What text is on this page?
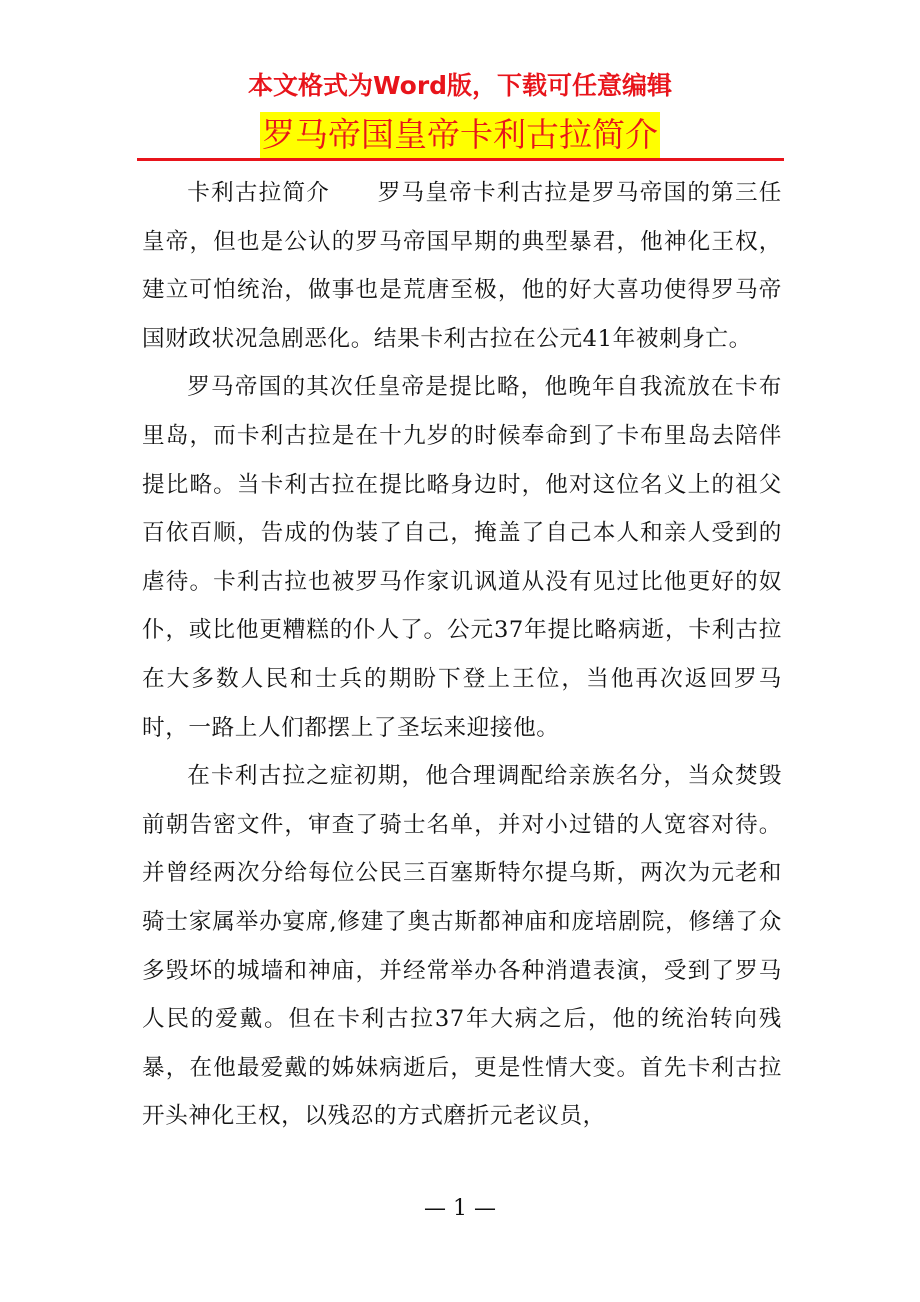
本文格式为Word版，下载可任意编辑
罗马帝国皇帝卡利古拉简介

卡利古拉简介　　罗马皇帝卡利古拉是罗马帝国的第三任皇帝，但也是公认的罗马帝国早期的典型暴君，他神化王权，建立可怕统治，做事也是荒唐至极，他的好大喜功使得罗马帝国财政状况急剧恶化。结果卡利古拉在公元41年被刺身亡。

罗马帝国的其次任皇帝是提比略，他晚年自我流放在卡布里岛，而卡利古拉是在十九岁的时候奉命到了卡布里岛去陪伴提比略。当卡利古拉在提比略身边时，他对这位名义上的祖父百依百顺，告成的伪装了自己，掩盖了自己本人和亲人受到的虐待。卡利古拉也被罗马作家讥讽道从没有见过比他更好的奴仆，或比他更糟糕的仆人了。公元37年提比略病逝，卡利古拉在大多数人民和士兵的期盼下登上王位，当他再次返回罗马时，一路上人们都摆上了圣坛来迎接他。

在卡利古拉之症初期，他合理调配给亲族名分，当众焚毁前朝告密文件，审查了骑士名单，并对小过错的人宽容对待。并曾经两次分给每位公民三百塞斯特尔提乌斯，两次为元老和骑士家属举办宴席,修建了奥古斯都神庙和庞培剧院，修缮了众多毁坏的城墙和神庙，并经常举办各种消遣表演，受到了罗马人民的爱戴。但在卡利古拉37年大病之后，他的统治转向残暴，在他最爱戴的姊妹病逝后，更是性情大变。首先卡利古拉开头神化王权，以残忍的方式磨折元老议员，

— 1 —
